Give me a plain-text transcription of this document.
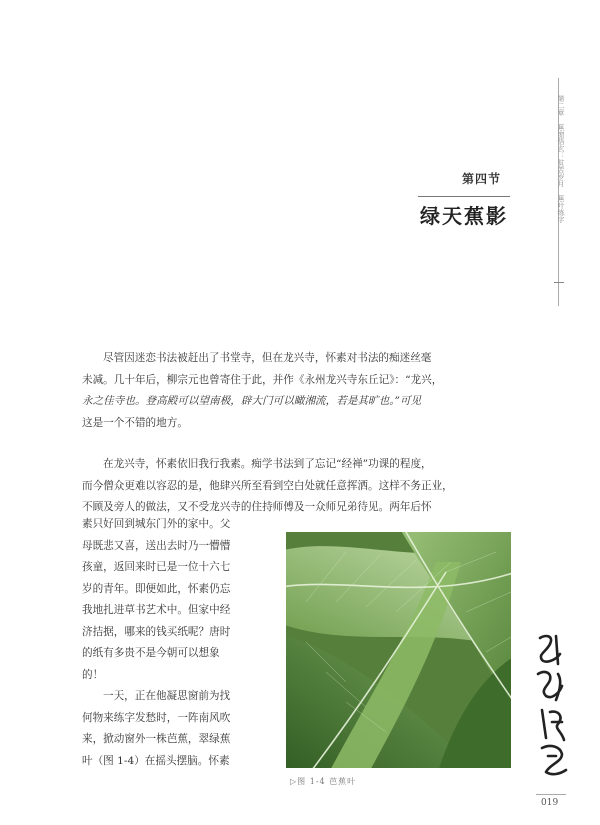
第二章 蕉窗悟玄：贫苦岁月 蕉叶练字
第四节
绿天蕉影
尽管因迷恋书法被赶出了书堂寺，但在龙兴寺，怀素对书法的痴迷丝毫
未减。几十年后，柳宗元也曾寄住于此，并作《永州龙兴寺东丘记》：“龙兴，
永之佳寺也。登高殿可以望南极，辟大门可以瞰湘流，若是其旷也。”可见
这是一个不错的地方。
在龙兴寺，怀素依旧我行我素。痴学书法到了忘记“经禅”功课的程度，
而今僧众更难以容忍的是，他肆兴所至看到空白处就任意挥洒。这样不务正业，
不顾及旁人的做法，又不受龙兴寺的住持师傅及一众师兄弟待见。两年后怀
素只好回到城东门外的家中。父
母既悲又喜，送出去时乃一懵懵
孩童，返回来时已是一位十六七
岁的青年。即便如此，怀素仍忘
我地扎进草书艺术中。但家中经
济拮据，哪来的钱买纸呢？唐时
的纸有多贵不是今朝可以想象
的！
一天，正在他凝思窗前为找
何物来练字发愁时，一阵南风吹
来，掀动窗外一株芭蕉，翠绿蕉
叶（图 1-4）在摇头摆脑。怀素
▷图 1-4 芭蕉叶
019
